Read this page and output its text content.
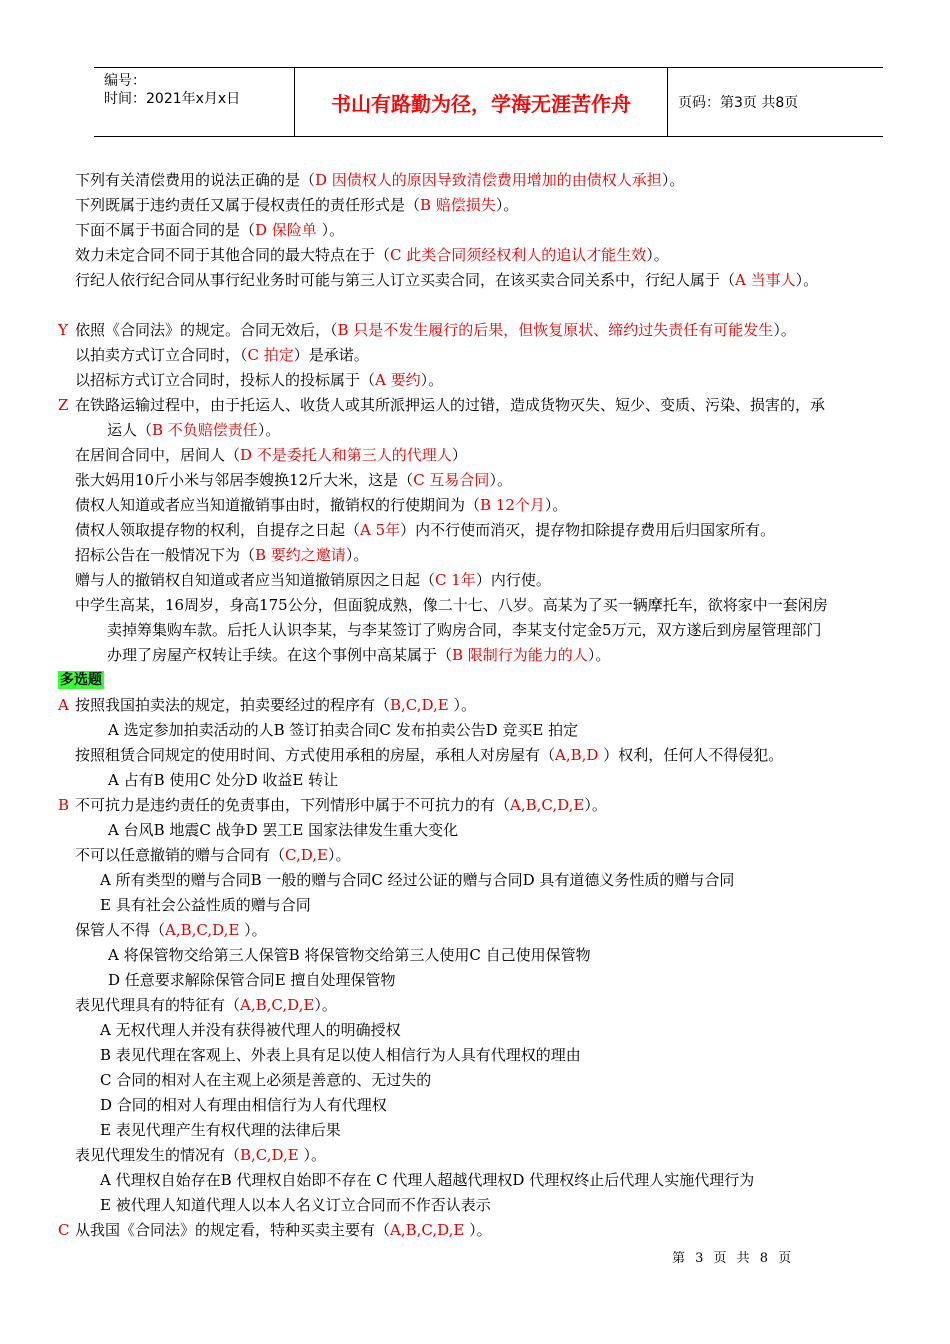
编号：
时间：2021年x月x日	书山有路勤为径，学海无涯苦作舟	页码：第3页 共8页
下列有关清偿费用的说法正确的是（D 因债权人的原因导致清偿费用增加的由债权人承担）。
下列既属于违约责任又属于侵权责任的责任形式是（B 赔偿损失）。
下面不属于书面合同的是（D 保险单 ）。
效力未定合同不同于其他合同的最大特点在于（C 此类合同须经权利人的追认才能生效）。
行纪人依行纪合同从事行纪业务时可能与第三人订立买卖合同，在该买卖合同关系中，行纪人属于（A 当事人）。
Y 依照《合同法》的规定。合同无效后，（B 只是不发生履行的后果，但恢复原状、缔约过失责任有可能发生）。
以拍卖方式订立合同时，（C 拍定）是承诺。
以招标方式订立合同时，投标人的投标属于（A 要约）。
Z 在铁路运输过程中，由于托运人、收货人或其所派押运人的过错，造成货物灭失、短少、变质、污染、损害的，承
运人（B 不负赔偿责任）。
在居间合同中，居间人（D 不是委托人和第三人的代理人）
张大妈用10斤小米与邻居李嫂换12斤大米，这是（C 互易合同）。
债权人知道或者应当知道撤销事由时，撤销权的行使期间为（B 12个月）。
债权人领取提存物的权利，自提存之日起（A 5年）内不行使而消灭，提存物扣除提存费用后归国家所有。
招标公告在一般情况下为（B 要约之邀请）。
赠与人的撤销权自知道或者应当知道撤销原因之日起（C 1年）内行使。
中学生高某，16周岁，身高175公分，但面貌成熟，像二十七、八岁。高某为了买一辆摩托车，欲将家中一套闲房
卖掉筹集购车款。后托人认识李某，与李某签订了购房合同，李某支付定金5万元，双方遂后到房屋管理部门
办理了房屋产权转让手续。在这个事例中高某属于（B 限制行为能力的人）。
多选题
A 按照我国拍卖法的规定，拍卖要经过的程序有（B,C,D,E ）。
A 选定参加拍卖活动的人B 签订拍卖合同C 发布拍卖公告D 竞买E 拍定
按照租赁合同规定的使用时间、方式使用承租的房屋，承租人对房屋有（A,B,D ）权利，任何人不得侵犯。
A 占有B 使用C 处分D 收益E 转让
B 不可抗力是违约责任的免责事由，下列情形中属于不可抗力的有（A,B,C,D,E）。
A 台风B 地震C 战争D 罢工E 国家法律发生重大变化
不可以任意撤销的赠与合同有（C,D,E）。
A 所有类型的赠与合同B 一般的赠与合同C 经过公证的赠与合同D 具有道德义务性质的赠与合同
E 具有社会公益性质的赠与合同
保管人不得（A,B,C,D,E ）。
A 将保管物交给第三人保管B 将保管物交给第三人使用C 自己使用保管物
D 任意要求解除保管合同E 擅自处理保管物
表见代理具有的特征有（A,B,C,D,E）。
A 无权代理人并没有获得被代理人的明确授权
B 表见代理在客观上、外表上具有足以使人相信行为人具有代理权的理由
C 合同的相对人在主观上必须是善意的、无过失的
D 合同的相对人有理由相信行为人有代理权
E 表见代理产生有权代理的法律后果
表见代理发生的情况有（B,C,D,E ）。
A 代理权自始存在B 代理权自始即不存在 C 代理人超越代理权D 代理权终止后代理人实施代理行为
E 被代理人知道代理人以本人名义订立合同而不作否认表示
C 从我国《合同法》的规定看，特种买卖主要有（A,B,C,D,E ）。
第 3 页 共 8 页
